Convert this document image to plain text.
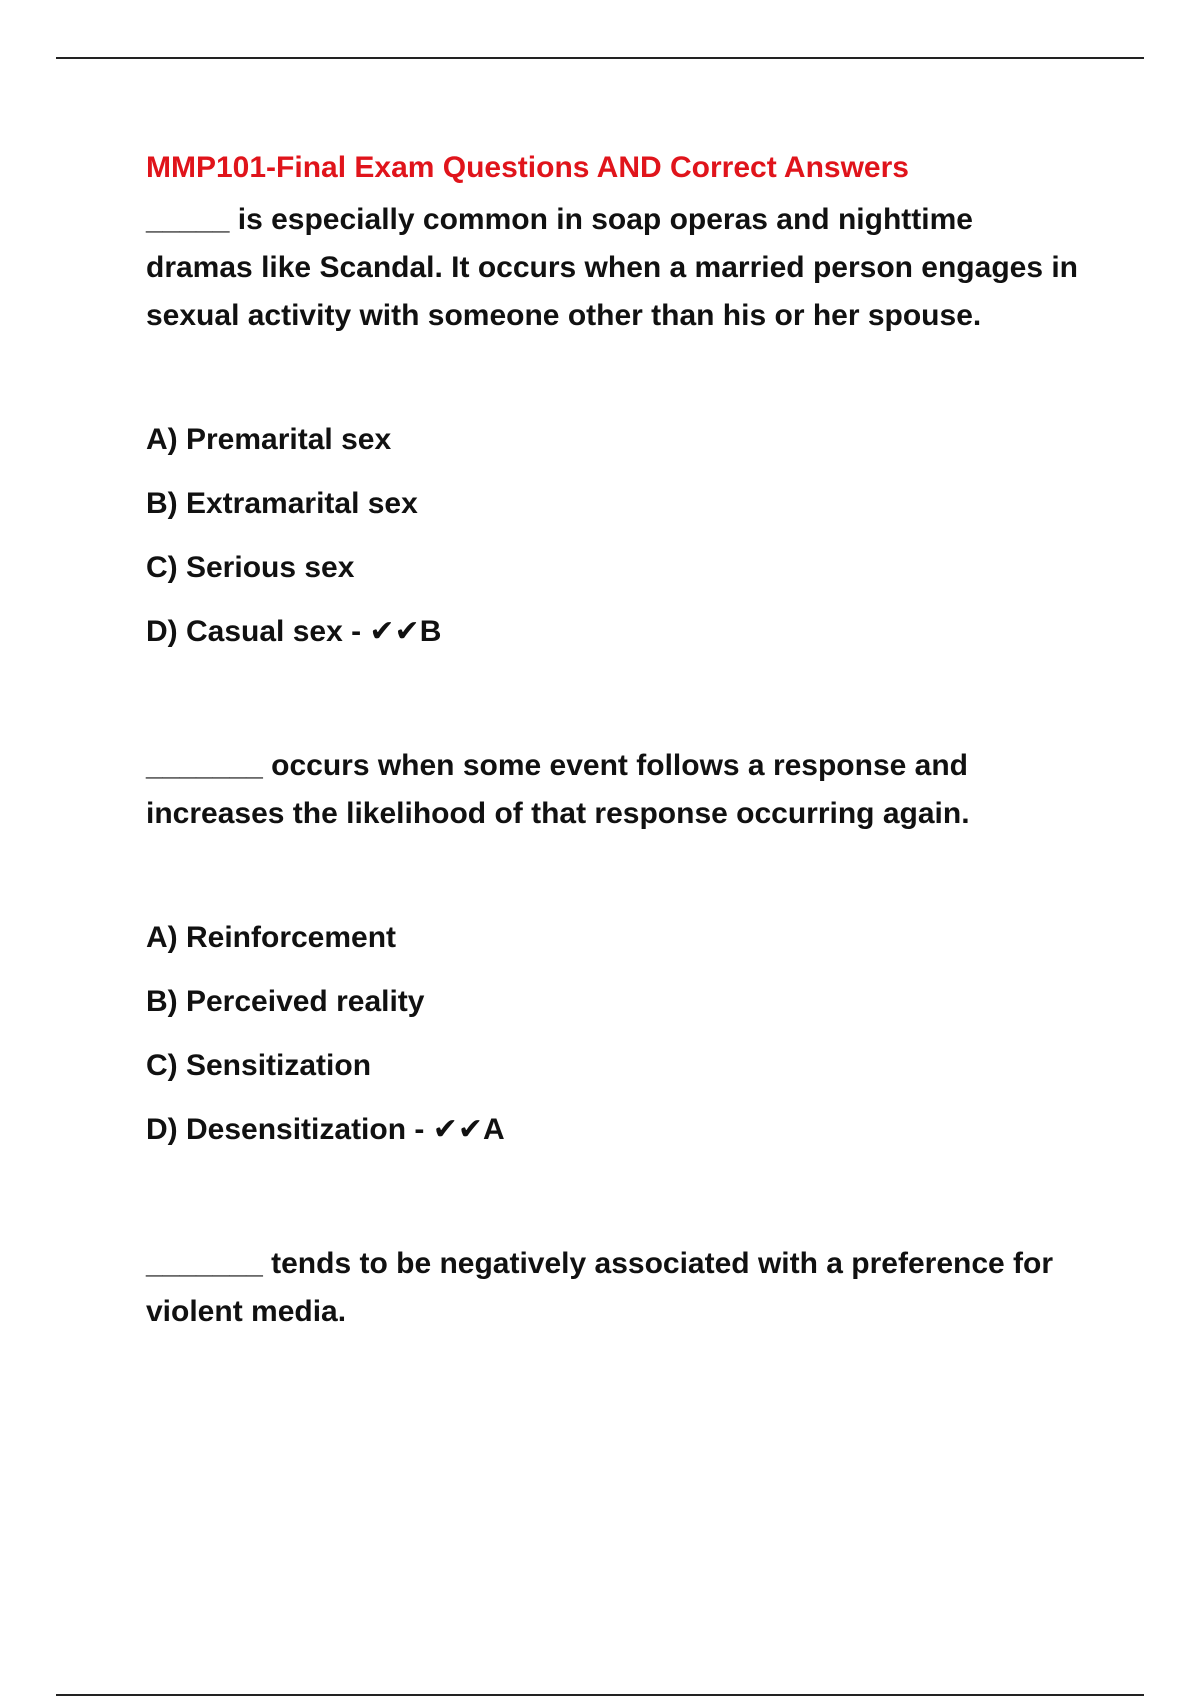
MMP101-Final Exam Questions AND Correct Answers

_____ is especially common in soap operas and nighttime dramas like Scandal. It occurs when a married person engages in sexual activity with someone other than his or her spouse.

A) Premarital sex
B) Extramarital sex
C) Serious sex
D) Casual sex - ✔✔B

_______ occurs when some event follows a response and increases the likelihood of that response occurring again.

A) Reinforcement
B) Perceived reality
C) Sensitization
D) Desensitization - ✔✔A

_______ tends to be negatively associated with a preference for violent media.
